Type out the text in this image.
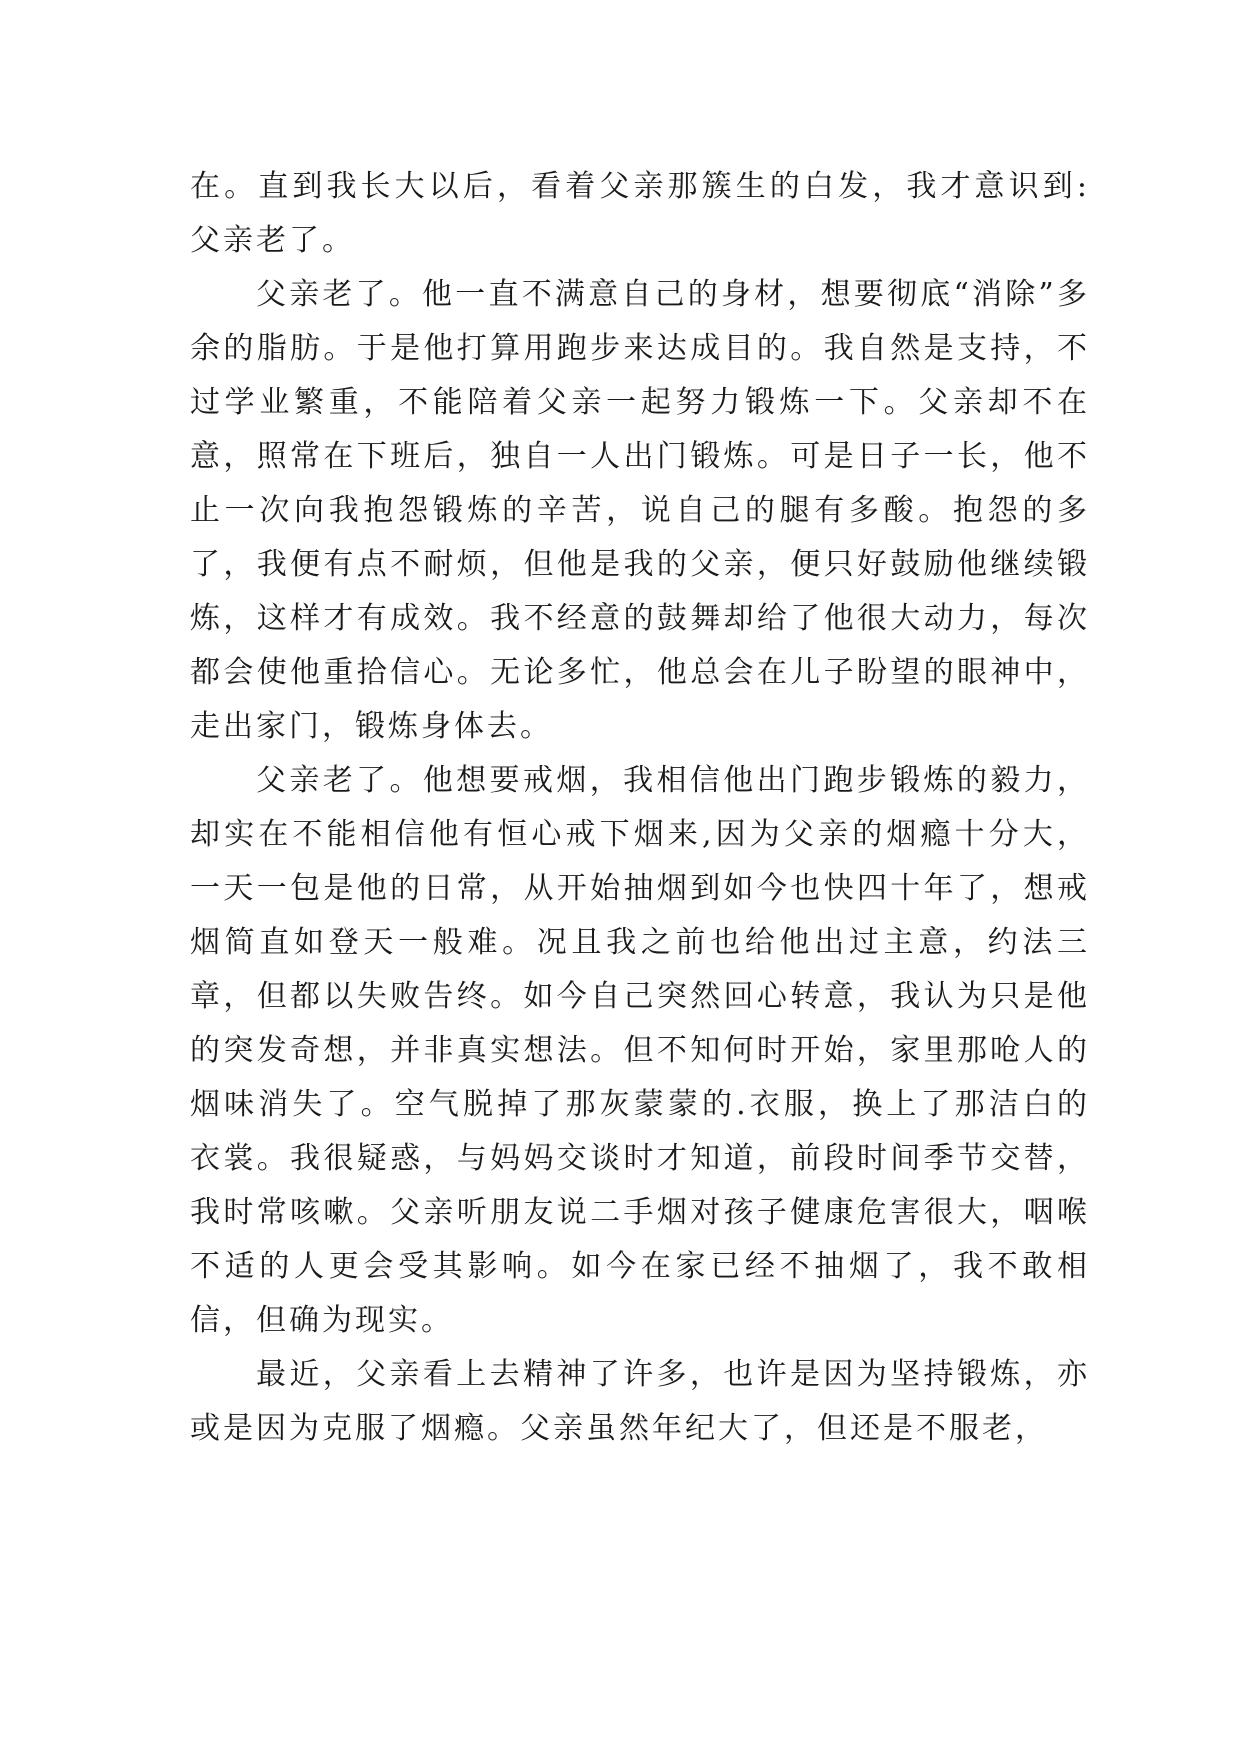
在。直到我长大以后，看着父亲那簇生的白发，我才意识到:父亲老了。

父亲老了。他一直不满意自己的身材，想要彻底“消除”多余的脂肪。于是他打算用跑步来达成目的。我自然是支持，不过学业繁重，不能陪着父亲一起努力锻炼一下。父亲却不在意，照常在下班后，独自一人出门锻炼。可是日子一长，他不止一次向我抱怨锻炼的辛苦，说自己的腿有多酸。抱怨的多了，我便有点不耐烦，但他是我的父亲，便只好鼓励他继续锻炼，这样才有成效。我不经意的鼓舞却给了他很大动力，每次都会使他重拾信心。无论多忙，他总会在儿子盼望的眼神中，走出家门，锻炼身体去。

父亲老了。他想要戒烟，我相信他出门跑步锻炼的毅力，却实在不能相信他有恒心戒下烟来,因为父亲的烟瘾十分大，一天一包是他的日常，从开始抽烟到如今也快四十年了，想戒烟简直如登天一般难。况且我之前也给他出过主意，约法三章，但都以失败告终。如今自己突然回心转意，我认为只是他的突发奇想，并非真实想法。但不知何时开始，家里那呛人的烟味消失了。空气脱掉了那灰蒙蒙的.衣服，换上了那洁白的衣裳。我很疑惑，与妈妈交谈时才知道，前段时间季节交替，我时常咳嗽。父亲听朋友说二手烟对孩子健康危害很大，咽喉不适的人更会受其影响。如今在家已经不抽烟了，我不敢相信，但确为现实。

最近，父亲看上去精神了许多，也许是因为坚持锻炼，亦或是因为克服了烟瘾。父亲虽然年纪大了，但还是不服老，
